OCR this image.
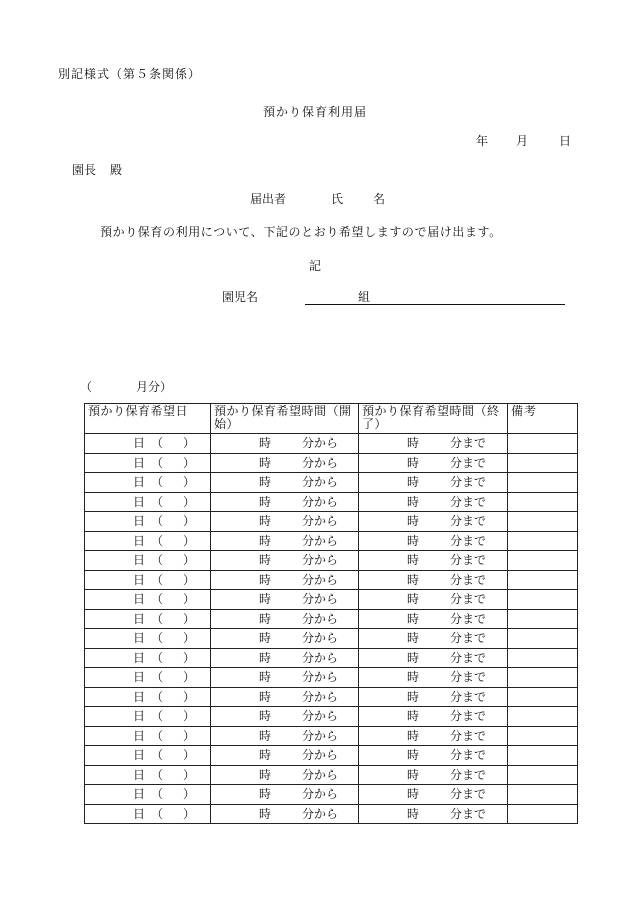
別記様式（第５条関係）
預かり保育利用届
年 月	日
園長 殿
届出者	氏 名
預かり保育の利用について、下記のとおり希望しますので届け出ます。
記
園児名	組
（	月分）
預かり保育希望日	預かり保育希望時間（開始）	預かり保育希望時間（終了）	備考

日 （ ）	時 分から	時 分まで	

日 （ ）	時 分から	時 分まで	

日 （ ）	時 分から	時 分まで	

日 （ ）	時 分から	時 分まで	

日 （ ）	時 分から	時 分まで	

日 （ ）	時 分から	時 分まで	

日 （ ）	時 分から	時 分まで	

日 （ ）	時 分から	時 分まで	

日 （ ）	時 分から	時 分まで	

日 （ ）	時 分から	時 分まで	

日 （ ）	時 分から	時 分まで	

日 （ ）	時 分から	時 分まで	

日 （ ）	時 分から	時 分まで	

日 （ ）	時 分から	時 分まで	

日 （ ）	時 分から	時 分まで	

日 （ ）	時 分から	時 分まで	

日 （ ）	時 分から	時 分まで	

日 （ ）	時 分から	時 分まで	

日 （ ）	時 分から	時 分まで	

日 （ ）	時 分から	時 分まで	
